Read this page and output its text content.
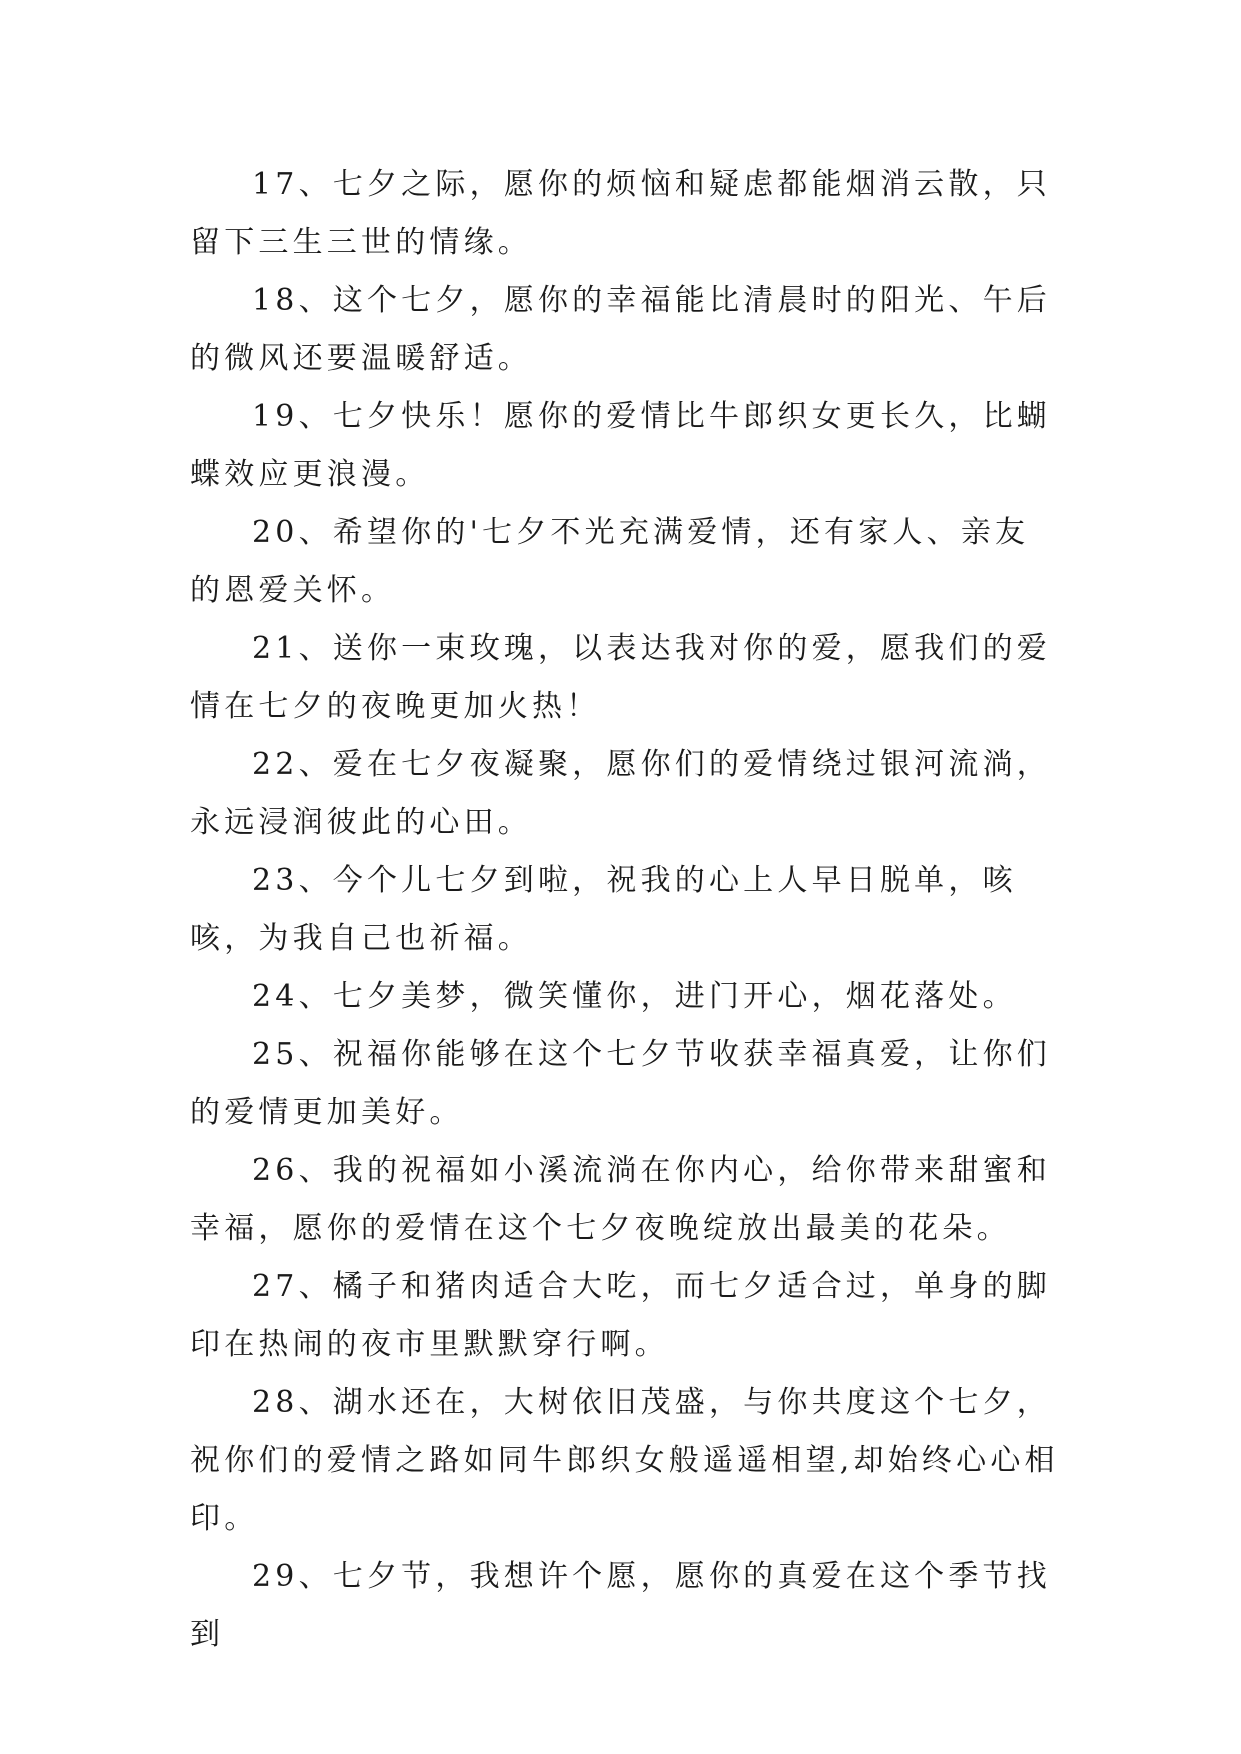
17、七夕之际，愿你的烦恼和疑虑都能烟消云散，只留下三生三世的情缘。

18、这个七夕，愿你的幸福能比清晨时的阳光、午后的微风还要温暖舒适。

19、七夕快乐！愿你的爱情比牛郎织女更长久，比蝴蝶效应更浪漫。

20、希望你的'七夕不光充满爱情，还有家人、亲友的恩爱关怀。

21、送你一束玫瑰，以表达我对你的爱，愿我们的爱情在七夕的夜晚更加火热！

22、爱在七夕夜凝聚，愿你们的爱情绕过银河流淌，永远浸润彼此的心田。

23、今个儿七夕到啦，祝我的心上人早日脱单，咳咳，为我自己也祈福。

24、七夕美梦，微笑懂你，进门开心，烟花落处。

25、祝福你能够在这个七夕节收获幸福真爱，让你们的爱情更加美好。

26、我的祝福如小溪流淌在你内心，给你带来甜蜜和幸福，愿你的爱情在这个七夕夜晚绽放出最美的花朵。

27、橘子和猪肉适合大吃，而七夕适合过，单身的脚印在热闹的夜市里默默穿行啊。

28、湖水还在，大树依旧茂盛，与你共度这个七夕，祝你们的爱情之路如同牛郎织女般遥遥相望,却始终心心相印。

29、七夕节，我想许个愿，愿你的真爱在这个季节找到
